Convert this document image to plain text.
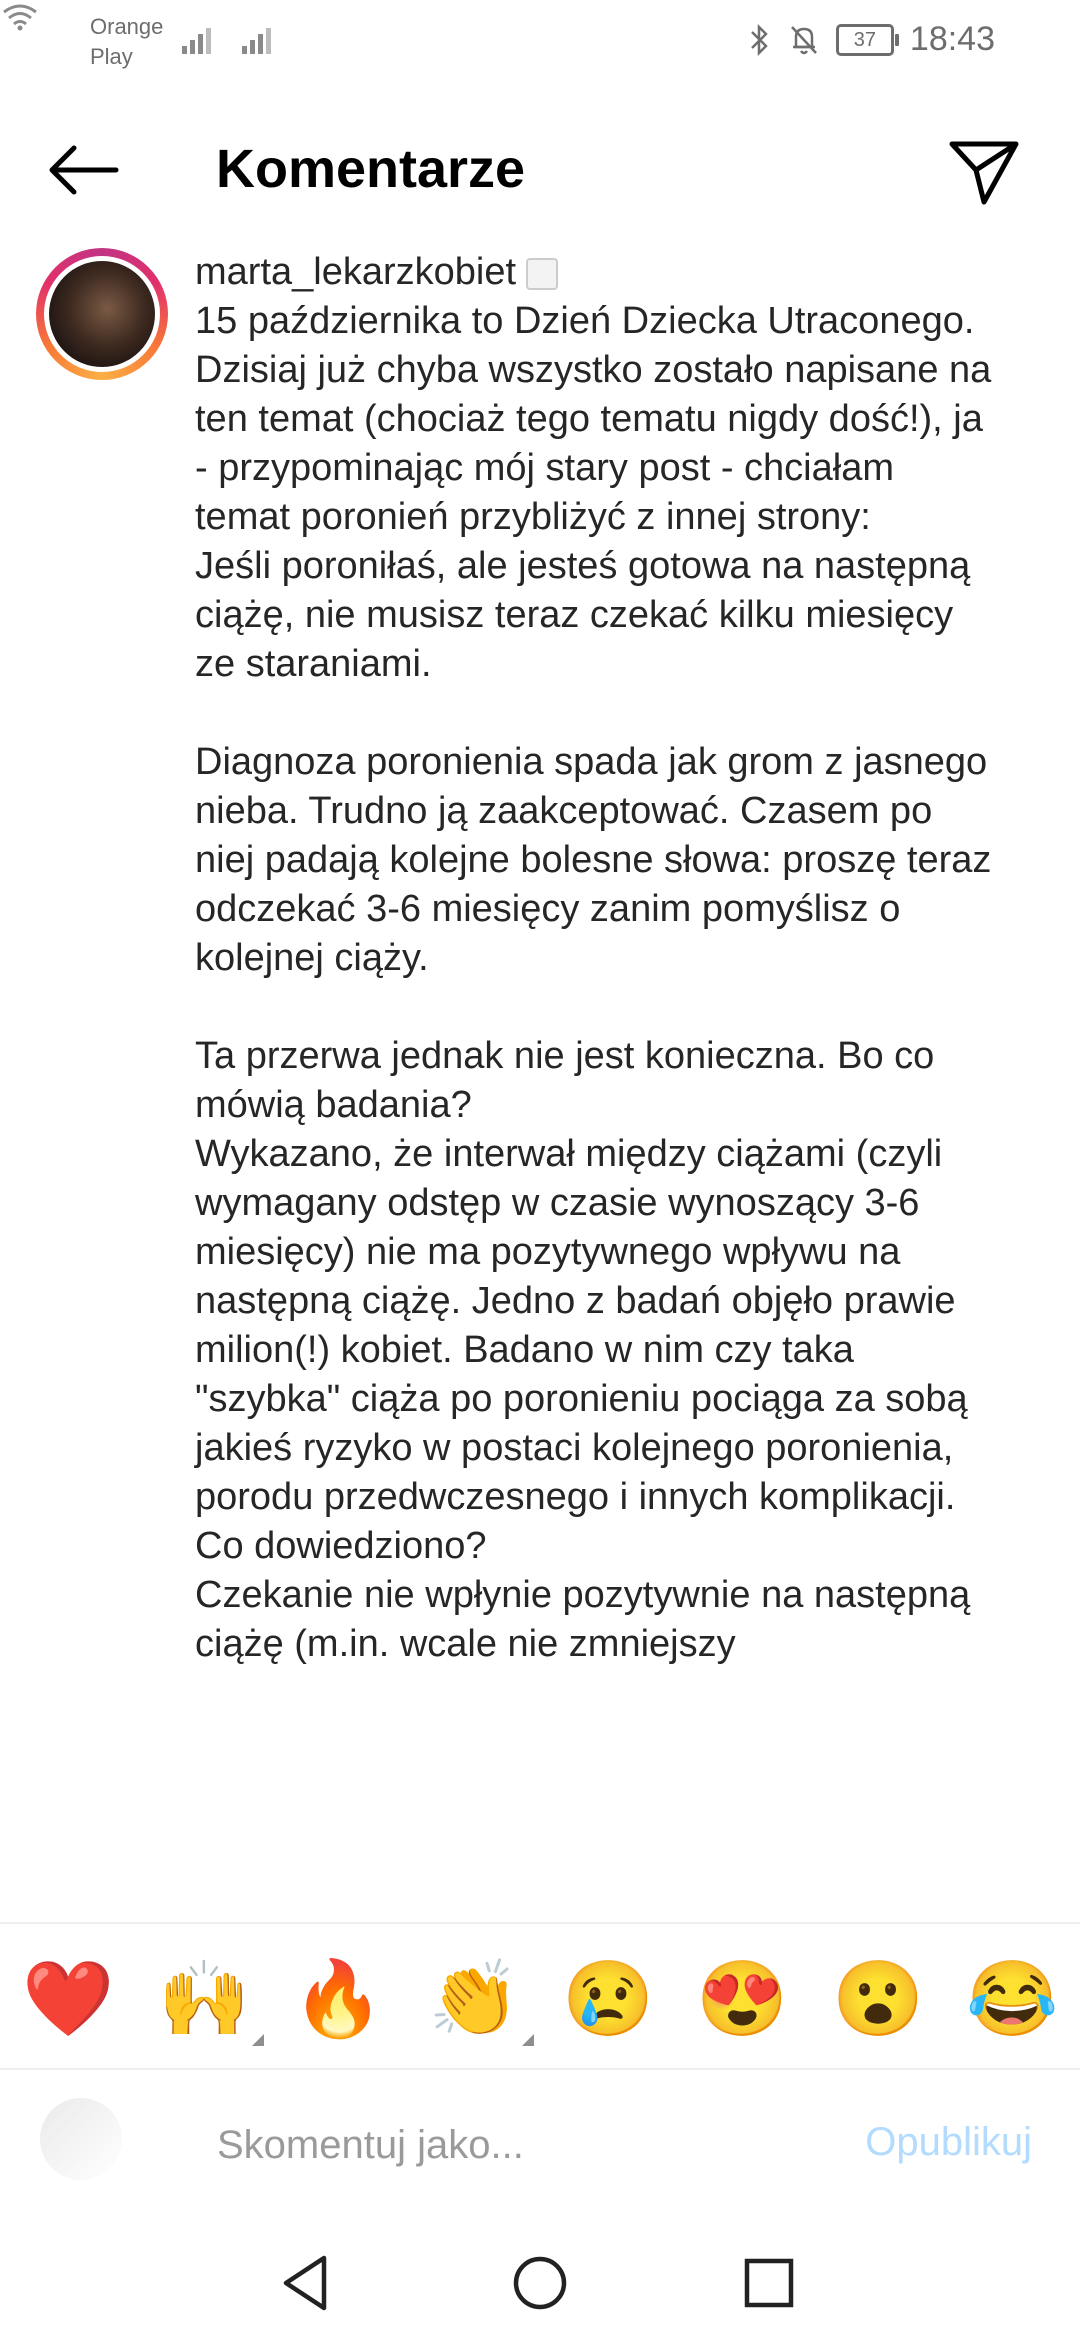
Orange
Play
37 18:43
Komentarze
marta_lekarzkobiet
15 października to Dzień Dziecka Utraconego.
Dzisiaj już chyba wszystko zostało napisane na ten temat (chociaż tego tematu nigdy dość!), ja - przypominając mój stary post - chciałam temat poronień przybliżyć z innej strony:
Jeśli poroniłaś, ale jesteś gotowa na następną ciążę, nie musisz teraz czekać kilku miesięcy ze staraniami.

Diagnoza poronienia spada jak grom z jasnego nieba. Trudno ją zaakceptować. Czasem po niej padają kolejne bolesne słowa: proszę teraz odczekać 3-6 miesięcy zanim pomyślisz o kolejnej ciąży.

Ta przerwa jednak nie jest konieczna. Bo co mówią badania?
Wykazano, że interwał między ciążami (czyli wymagany odstęp w czasie wynoszący 3-6 miesięcy) nie ma pozytywnego wpływu na następną ciążę. Jedno z badań objęło prawie milion(!) kobiet. Badano w nim czy taka "szybka" ciąża po poronieniu pociąga za sobą jakieś ryzyko w postaci kolejnego poronienia, porodu przedwczesnego i innych komplikacji.
Co dowiedziono?
Czekanie nie wpłynie pozytywnie na następną ciążę (m.in. wcale nie zmniejszy
❤️ 🙌 🔥 👏 😢 😍 😮 😂
Skomentuj jako...
Opublikuj
